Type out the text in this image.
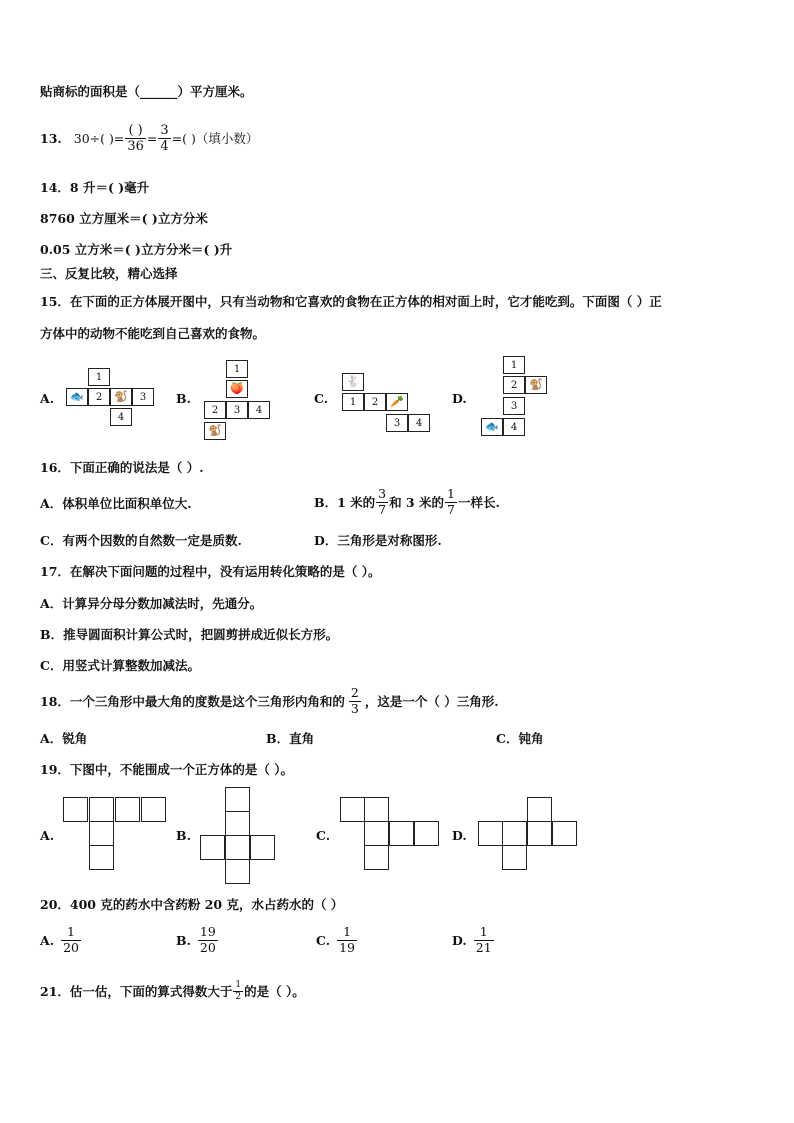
贴商标的面积是（______）平方厘米。
13. 30÷( )= $\frac{( )}{36} = \frac{3}{4}$ =( )（填小数）
14．8 升＝( )毫升
8760 立方厘米＝( )立方分米
0.05 立方米＝( )立方分米＝( )升
三、反复比较，精心选择
15．在下面的正方体展开图中，只有当动物和它喜欢的食物在正方体的相对面上时，它才能吃到。下面图（ ）正
方体中的动物不能吃到自己喜欢的食物。
A.
1
🐟	2	🐒	3
4
B.
1
🍑
2	3	4
🐒
C.
🐇
1	2	🥕
3	4
D.
1
2	🐒
3
🐟	4
16．下面正确的说法是（ ）.
A．体积单位比面积单位大.	B．1 米的 $\frac{3}{7}$ 和 3 米的 $\frac{1}{7}$ 一样长.
C．有两个因数的自然数一定是质数.	D．三角形是对称图形.
17．在解决下面问题的过程中，没有运用转化策略的是（ ）。
A．计算异分母分数加减法时，先通分。
B．推导圆面积计算公式时，把圆剪拼成近似长方形。
C．用竖式计算整数加减法。
18．一个三角形中最大角的度数是这个三角形内角和的 $\frac{2}{3}$ ，这是一个（ ）三角形.
A．锐角	B．直角	C．钝角
19．下图中，不能围成一个正方体的是（ ）。
A.	B.	C.	D.
20．400 克的药水中含药粉 20 克，水占药水的（ ）
A. $\frac{1}{20}$	B. $\frac{19}{20}$	C. $\frac{1}{19}$	D. $\frac{1}{21}$
21．估一估，下面的算式得数大于 $\frac{1}{2}$ 的是（ ）。
